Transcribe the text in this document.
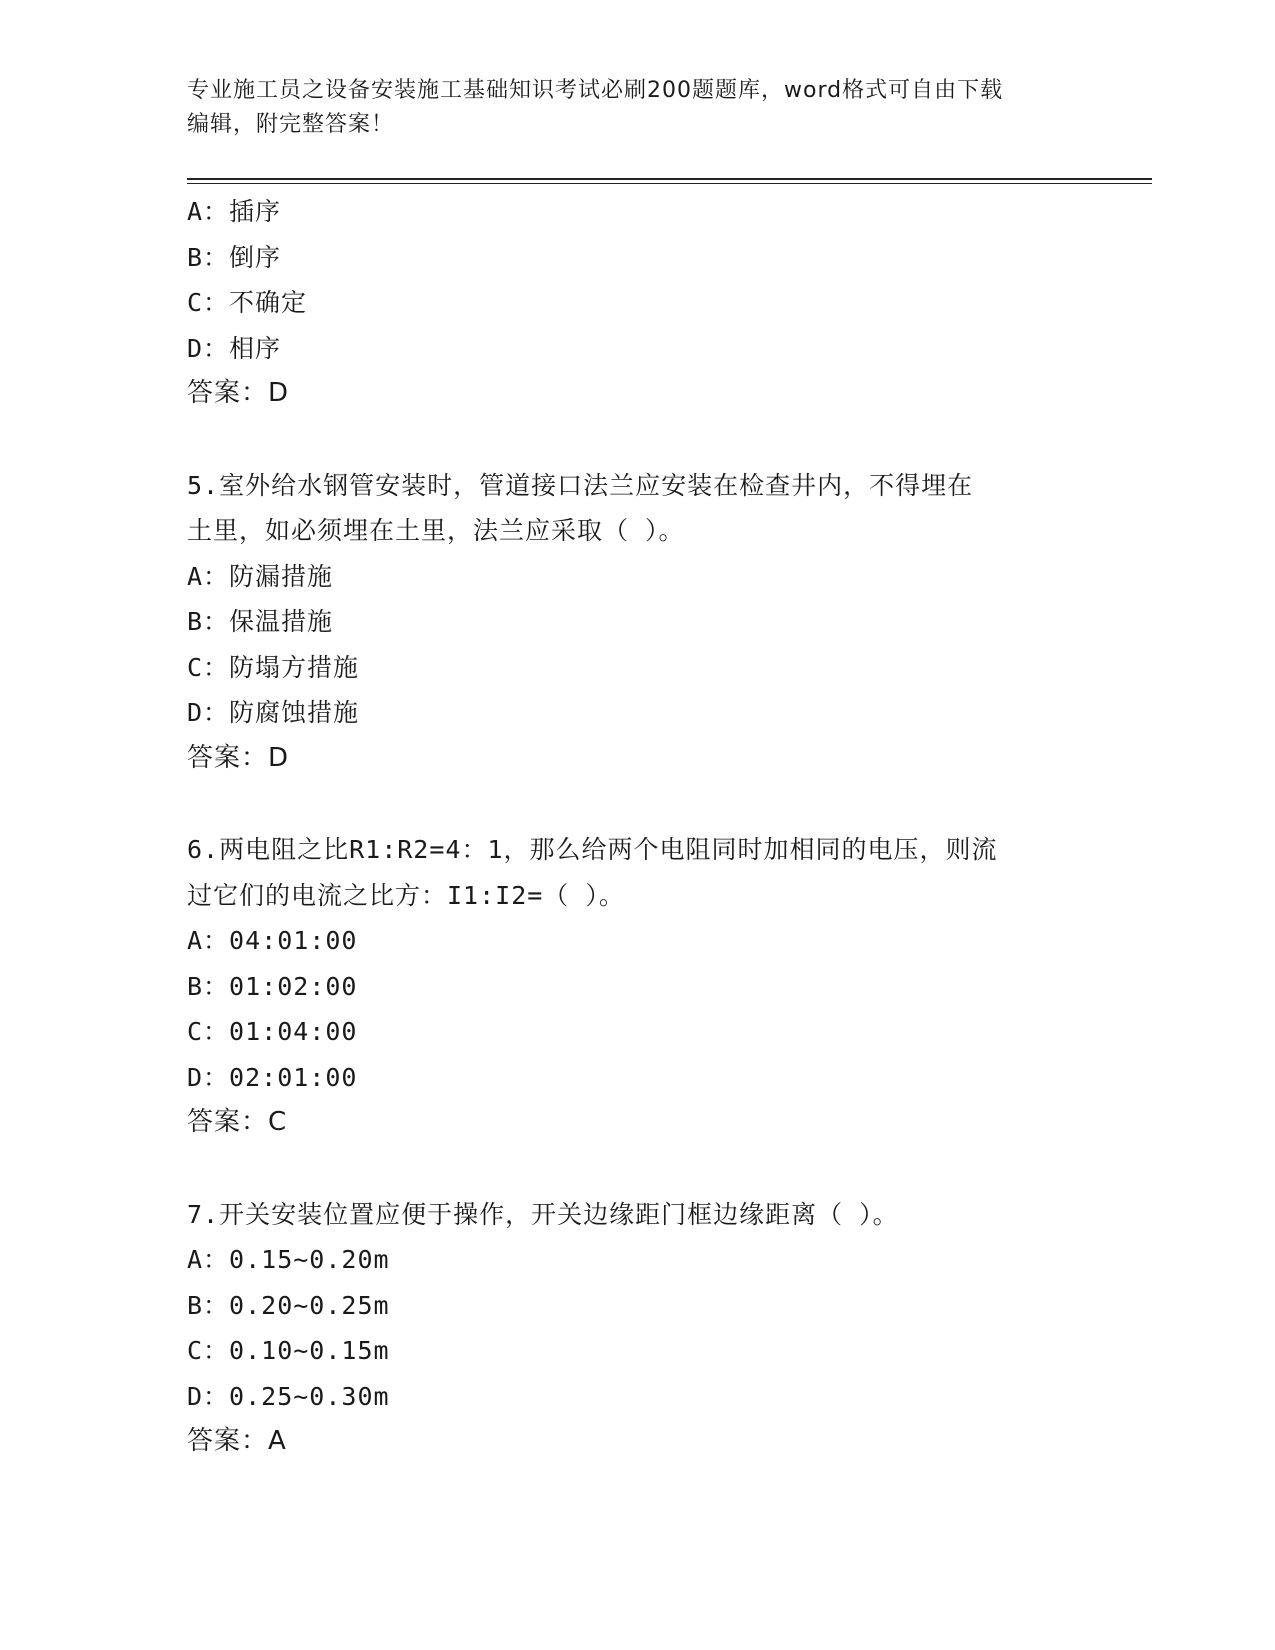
专业施工员之设备安装施工基础知识考试必刷200题题库，word格式可自由下载
编辑，附完整答案！
A：插序
B：倒序
C：不确定
D：相序
答案：D
5.室外给水钢管安装时，管道接口法兰应安装在检查井内，不得埋在
土里，如必须埋在土里，法兰应采取（ ）。
A：防漏措施
B：保温措施
C：防塌方措施
D：防腐蚀措施
答案：D
6.两电阻之比R1:R2=4：1，那么给两个电阻同时加相同的电压，则流
过它们的电流之比方：I1:I2=（ ）。
A：04:01:00
B：01:02:00
C：01:04:00
D：02:01:00
答案：C
7.开关安装位置应便于操作，开关边缘距门框边缘距离（ ）。
A：0.15~0.20m
B：0.20~0.25m
C：0.10~0.15m
D：0.25~0.30m
答案：A
